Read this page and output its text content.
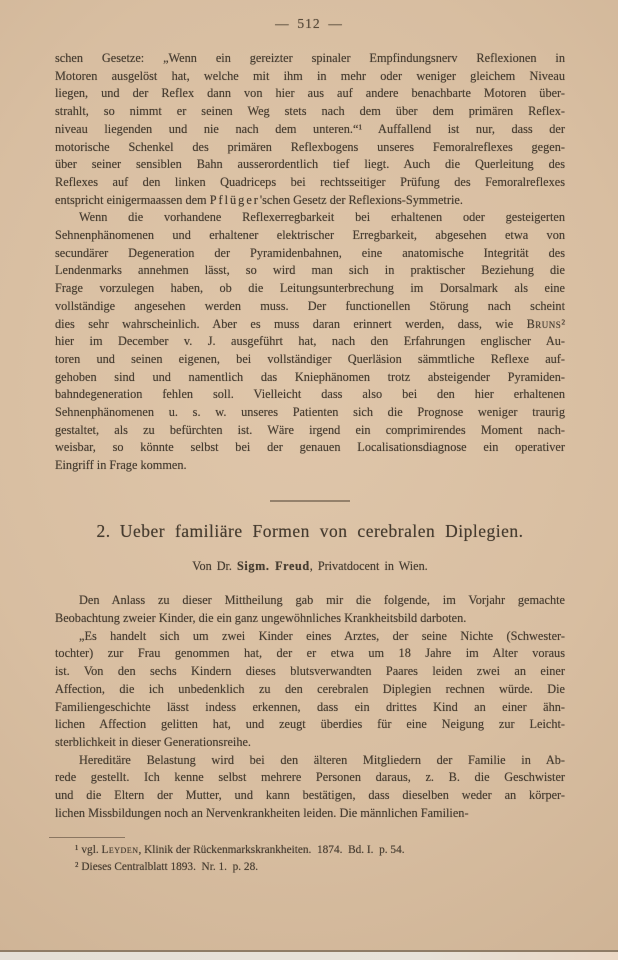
— 512 —
schen Gesetze: „Wenn ein gereizter spinaler Empfindungsnerv Reflexionen in
Motoren ausgelöst hat, welche mit ihm in mehr oder weniger gleichem Niveau
liegen, und der Reflex dann von hier aus auf andere benachbarte Motoren über-
strahlt, so nimmt er seinen Weg stets nach dem über dem primären Reflex-
niveau liegenden und nie nach dem unteren.“¹ Auffallend ist nur, dass der
motorische Schenkel des primären Reflexbogens unseres Femoralreflexes gegen-
über seiner sensiblen Bahn ausserordentlich tief liegt. Auch die Querleitung des
Reflexes auf den linken Quadriceps bei rechtsseitiger Prüfung des Femoralreflexes
entspricht einigermaassen dem Pflüger'schen Gesetz der Reflexions-Symmetrie.
Wenn die vorhandene Reflexerregbarkeit bei erhaltenen oder gesteigerten
Sehnenphänomenen und erhaltener elektrischer Erregbarkeit, abgesehen etwa von
secundärer Degeneration der Pyramidenbahnen, eine anatomische Integrität des
Lendenmarks annehmen lässt, so wird man sich in praktischer Beziehung die
Frage vorzulegen haben, ob die Leitungsunterbrechung im Dorsalmark als eine
vollständige angesehen werden muss. Der functionellen Störung nach scheint
dies sehr wahrscheinlich. Aber es muss daran erinnert werden, dass, wie Bruns²
hier im December v. J. ausgeführt hat, nach den Erfahrungen englischer Au-
toren und seinen eigenen, bei vollständiger Querläsion sämmtliche Reflexe auf-
gehoben sind und namentlich das Kniephänomen trotz absteigender Pyramiden-
bahndegeneration fehlen soll. Vielleicht dass also bei den hier erhaltenen
Sehnenphänomenen u. s. w. unseres Patienten sich die Prognose weniger traurig
gestaltet, als zu befürchten ist. Wäre irgend ein comprimirendes Moment nach-
weisbar, so könnte selbst bei der genauen Localisationsdiagnose ein operativer
Eingriff in Frage kommen.
2. Ueber familiäre Formen von cerebralen Diplegien.
Von Dr. Sigm. Freud, Privatdocent in Wien.
Den Anlass zu dieser Mittheilung gab mir die folgende, im Vorjahr gemachte
Beobachtung zweier Kinder, die ein ganz ungewöhnliches Krankheitsbild darboten.
„Es handelt sich um zwei Kinder eines Arztes, der seine Nichte (Schwester-
tochter) zur Frau genommen hat, der er etwa um 18 Jahre im Alter voraus
ist. Von den sechs Kindern dieses blutsverwandten Paares leiden zwei an einer
Affection, die ich unbedenklich zu den cerebralen Diplegien rechnen würde. Die
Familiengeschichte lässt indess erkennen, dass ein drittes Kind an einer ähn-
lichen Affection gelitten hat, und zeugt überdies für eine Neigung zur Leicht-
sterblichkeit in dieser Generationsreihe.
Hereditäre Belastung wird bei den älteren Mitgliedern der Familie in Ab-
rede gestellt. Ich kenne selbst mehrere Personen daraus, z. B. die Geschwister
und die Eltern der Mutter, und kann bestätigen, dass dieselben weder an körper-
lichen Missbildungen noch an Nervenkrankheiten leiden. Die männlichen Familien-
¹ vgl. Leyden, Klinik der Rückenmarkskrankheiten. 1874. Bd. I. p. 54.
² Dieses Centralblatt 1893. Nr. 1. p. 28.
